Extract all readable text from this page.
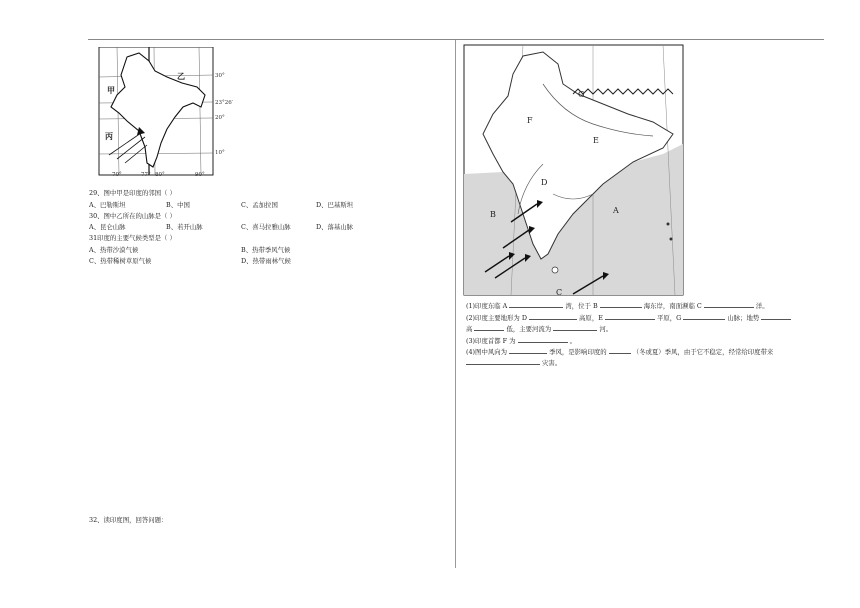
甲
乙
丙
30°
23°26′
20°
10°
70°	77° 80°	90°
29、图中甲是印度的邻国（ ）
A、巴勒斯坦	B、中国	C、孟加拉国	D、巴基斯坦
30、图中乙所在的山脉是（ ）
A、昆仑山脉	B、若开山脉	C、喜马拉雅山脉	D、落基山脉
31印度的主要气候类型是（ ）
A、热带沙漠气候	B、热带季风气候
C、热带稀树草原气候	D、热带雨林气候
32、读印度图，回答问题：
A
B
C
D
E
F
G
(1)印度东临 A	湾，位于 B	海东岸，南面濒临 C	洋。
(2)印度主要地形为 D	高原，E	平原，G	山脉；地势
高	低，主要河流为	河。
(3)印度首都 F 为	。
(4)图中风向为	季风，是影响印度的	（冬或夏）季风，由于它不稳定，经常给印度带来
灾害。
